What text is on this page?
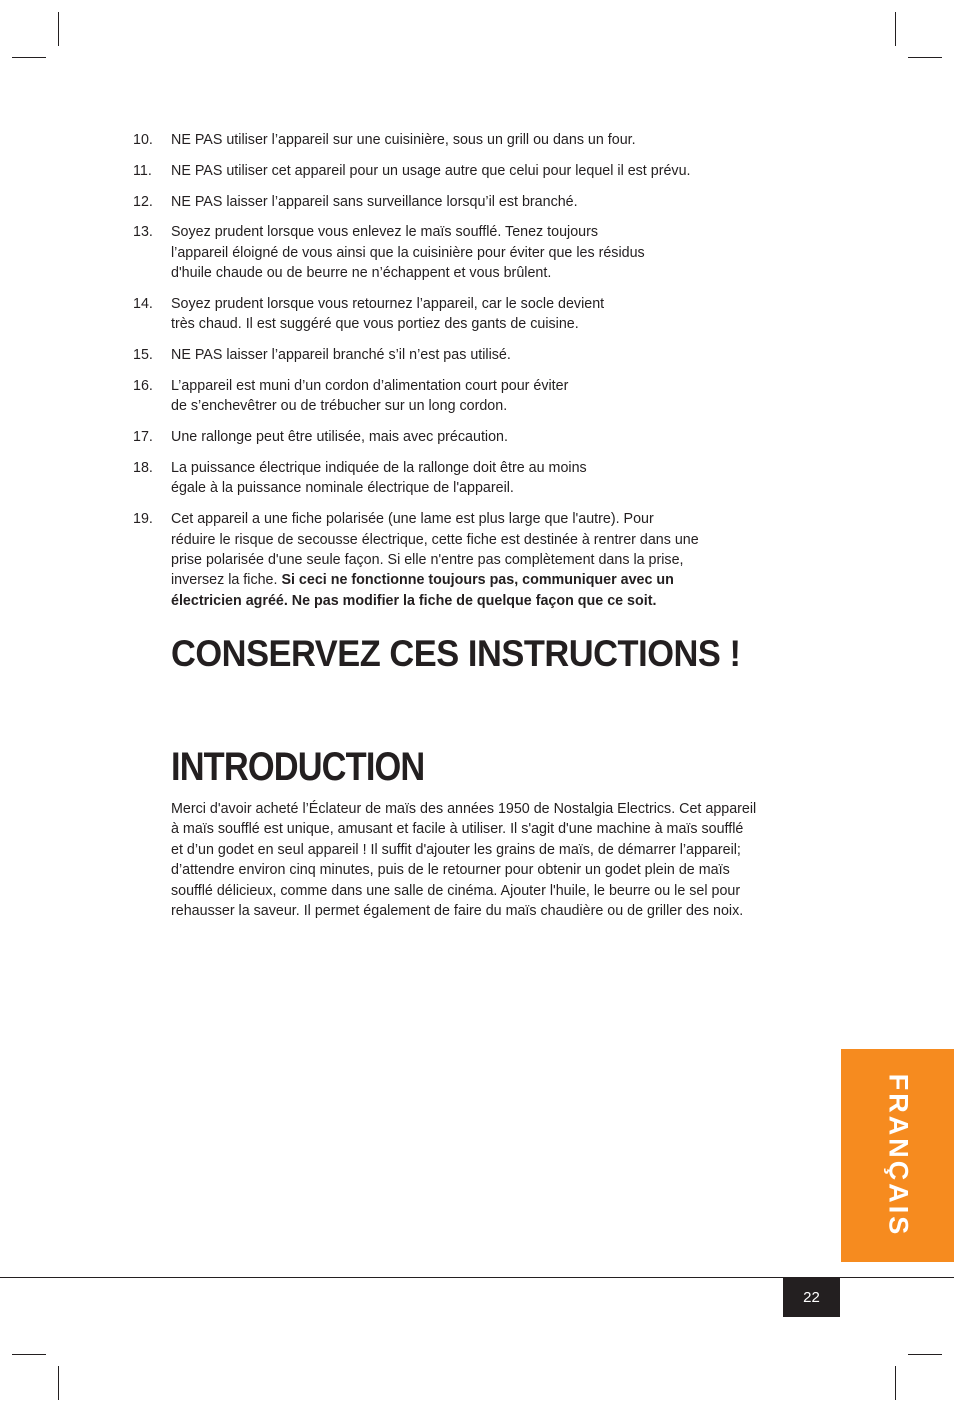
10.	NE PAS utiliser l’appareil sur une cuisinière, sous un grill ou dans un four.
11.	NE PAS utiliser cet appareil pour un usage autre que celui pour lequel il est prévu.
12.	NE PAS laisser l’appareil sans surveillance lorsqu’il est branché.
13.	Soyez prudent lorsque vous enlevez le maïs soufflé. Tenez toujours
l’appareil éloigné de vous ainsi que la cuisinière pour éviter que les résidus
d'huile chaude ou de beurre ne n’échappent et vous brûlent.
14.	Soyez prudent lorsque vous retournez l’appareil, car le socle devient
très chaud. Il est suggéré que vous portiez des gants de cuisine.
15.	NE PAS laisser l’appareil branché s’il n’est pas utilisé.
16.	L’appareil est muni d’un cordon d’alimentation court pour éviter
de s’enchevêtrer ou de trébucher sur un long cordon.
17.	Une rallonge peut être utilisée, mais avec précaution.
18.	La puissance électrique indiquée de la rallonge doit être au moins
égale à la puissance nominale électrique de l'appareil.
19.	Cet appareil a une fiche polarisée (une lame est plus large que l'autre). Pour
réduire le risque de secousse électrique, cette fiche est destinée à rentrer dans une
prise polarisée d'une seule façon. Si elle n'entre pas complètement dans la prise,
inversez la fiche. Si ceci ne fonctionne toujours pas, communiquer avec un
électricien agréé. Ne pas modifier la fiche de quelque façon que ce soit.
CONSERVEZ CES INSTRUCTIONS !
INTRODUCTION

Merci d'avoir acheté l’Éclateur de maïs des années 1950 de Nostalgia Electrics. Cet appareil
à maïs soufflé est unique, amusant et facile à utiliser. Il s'agit d'une machine à maïs soufflé
et d’un godet en seul appareil ! Il suffit d'ajouter les grains de maïs, de démarrer l’appareil;
d’attendre environ cinq minutes, puis de le retourner pour obtenir un godet plein de maïs
soufflé délicieux, comme dans une salle de cinéma. Ajouter l'huile, le beurre ou le sel pour
rehausser la saveur. Il permet également de faire du maïs chaudière ou de griller des noix.

FRANÇAIS
22
